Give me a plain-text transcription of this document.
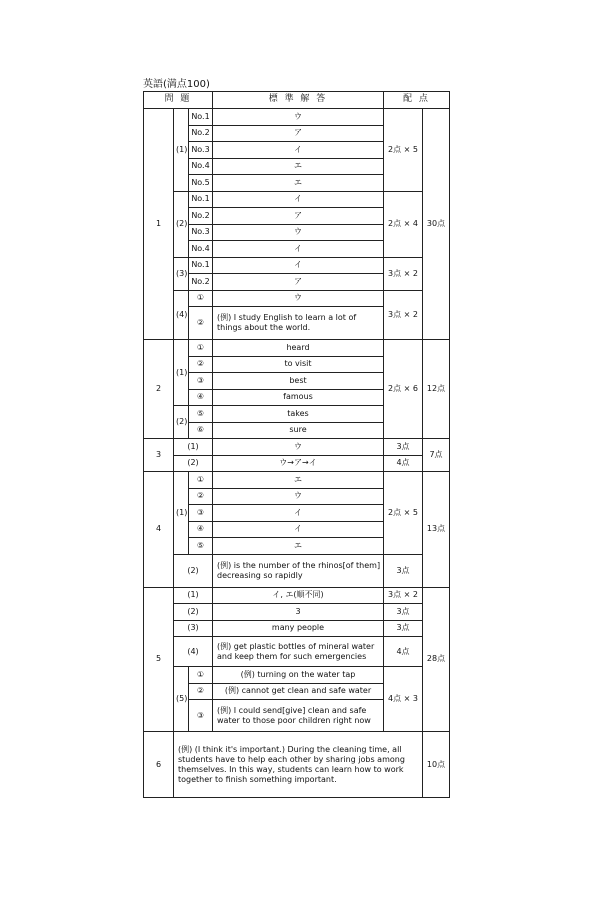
英語(満点100)
問 題			標 準 解 答	配 点	
1	(1)	No.1	ウ	2点 × 5	30点
		No.2	ア		
		No.3	イ		
		No.4	エ		
		No.5	エ		
	(2)	No.1	イ	2点 × 4	
		No.2	ア		
		No.3	ウ		
		No.4	イ		
	(3)	No.1	イ	3点 × 2	
		No.2	ア		
	(4)	①	ウ	3点 × 2	
		②	(例) I study English to learn a lot of things about the world.		

2	(1)	①	heard	2点 × 6	12点
		②	to visit		
		③	best		
		④	famous		
	(2)	⑤	takes		
		⑥	sure		
3	(1)		ウ	3点	7点
	(2)		ウ→ア→イ	4点	
4	(1)	①	エ	2点 × 5	13点
		②	ウ		
		③	イ		
		④	イ		
		⑤	エ		
	(2)		(例) is the number of the rhinos[of them] decreasing so rapidly	3点	

5	(1)		イ, エ(順不同)	3点 × 2	28点
	(2)		3	3点	
	(3)		many people	3点	
	(4)		(例) get plastic bottles of mineral water and keep them for such emergencies	4点	

	(5)	①	(例) turning on the water tap	4点 × 3	
		②	(例) cannot get clean and safe water		
		③	(例) I could send[give] clean and safe water to those poor children right now		

6	(例) (I think it's important.) During the cleaning time, all students have to help each other by sharing jobs among themselves. In this way, students can learn how to work together to finish something important.				10点
